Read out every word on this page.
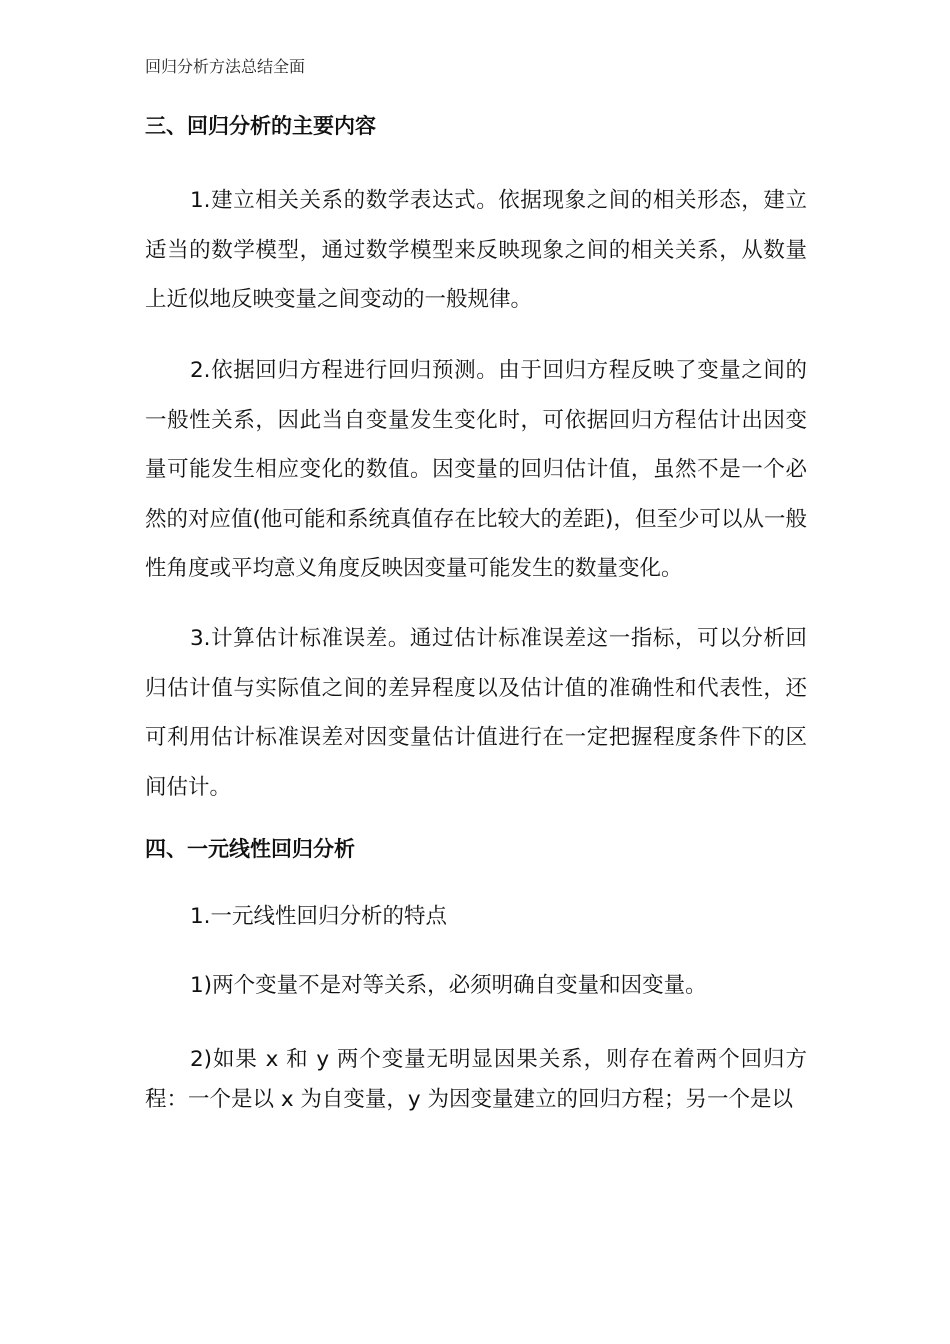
回归分析方法总结全面
三、回归分析的主要内容

1.建立相关关系的数学表达式。依据现象之间的相关形态，建立适当的数学模型，通过数学模型来反映现象之间的相关关系，从数量上近似地反映变量之间变动的一般规律。

2.依据回归方程进行回归预测。由于回归方程反映了变量之间的一般性关系，因此当自变量发生变化时，可依据回归方程估计出因变量可能发生相应变化的数值。因变量的回归估计值，虽然不是一个必然的对应值(他可能和系统真值存在比较大的差距)，但至少可以从一般性角度或平均意义角度反映因变量可能发生的数量变化。

3.计算估计标准误差。通过估计标准误差这一指标，可以分析回归估计值与实际值之间的差异程度以及估计值的准确性和代表性，还可利用估计标准误差对因变量估计值进行在一定把握程度条件下的区间估计。

四、一元线性回归分析

1.一元线性回归分析的特点

1)两个变量不是对等关系，必须明确自变量和因变量。

2)如果 x 和 y 两个变量无明显因果关系，则存在着两个回归方程：一个是以 x 为自变量，y 为因变量建立的回归方程；另一个是以
